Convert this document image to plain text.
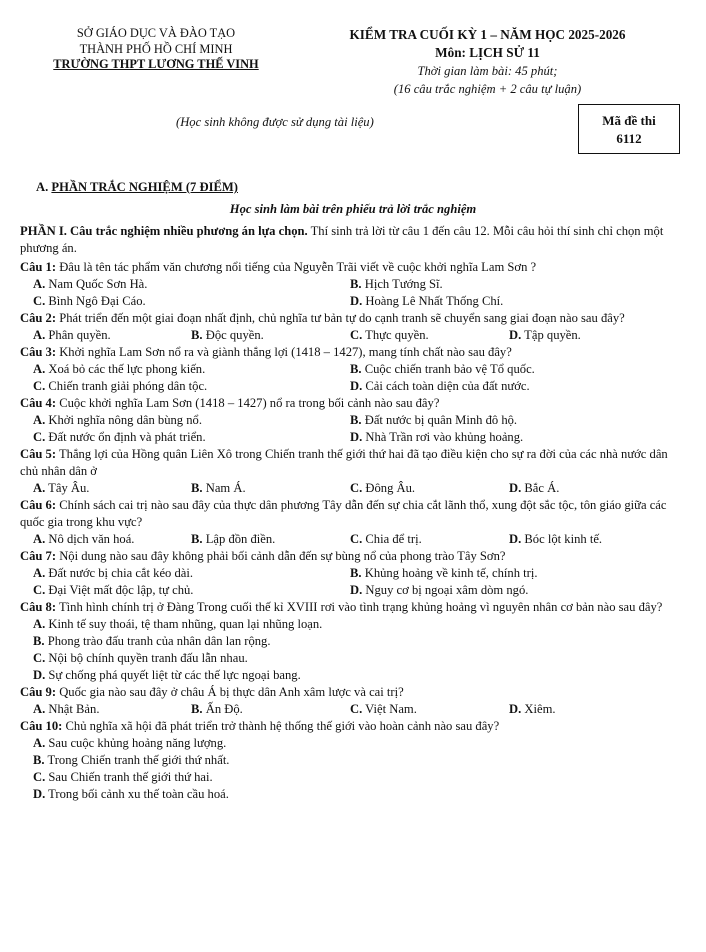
SỞ GIÁO DỤC VÀ ĐÀO TẠO
THÀNH PHỐ HỒ CHÍ MINH
TRƯỜNG THPT LƯƠNG THẾ VINH
KIỂM TRA CUỐI KỲ 1 – NĂM HỌC 2025-2026
Môn: LỊCH SỬ 11
Thời gian làm bài: 45 phút;
(16 câu trắc nghiệm + 2 câu tự luận)
(Học sinh không được sử dụng tài liệu)	Mã đề thi
6112
A. PHẦN TRẮC NGHIỆM (7 ĐIỂM)
Học sinh làm bài trên phiếu trả lời trắc nghiệm

PHẦN I. Câu trắc nghiệm nhiều phương án lựa chọn. Thí sinh trả lời từ câu 1 đến câu 12. Mỗi câu hỏi thí sinh chỉ chọn một phương án.

Câu 1: Đâu là tên tác phẩm văn chương nổi tiếng của Nguyễn Trãi viết về cuộc khởi nghĩa Lam Sơn ?

A. Nam Quốc Sơn Hà.	B. Hịch Tướng Sĩ.
C. Bình Ngô Đại Cáo.	D. Hoàng Lê Nhất Thống Chí.

Câu 2: Phát triển đến một giai đoạn nhất định, chủ nghĩa tư bản tự do cạnh tranh sẽ chuyển sang giai đoạn nào sau đây?

A. Phân quyền.	B. Độc quyền.	C. Thực quyền.	D. Tập quyền.

Câu 3: Khởi nghĩa Lam Sơn nổ ra và giành thắng lợi (1418 – 1427), mang tính chất nào sau đây?

A. Xoá bỏ các thế lực phong kiến.	B. Cuộc chiến tranh bảo vệ Tổ quốc.
C. Chiến tranh giải phóng dân tộc.	D. Cải cách toàn diện của đất nước.

Câu 4: Cuộc khởi nghĩa Lam Sơn (1418 – 1427) nổ ra trong bối cảnh nào sau đây?

A. Khởi nghĩa nông dân bùng nổ.	B. Đất nước bị quân Minh đô hộ.
C. Đất nước ổn định và phát triển.	D. Nhà Trần rơi vào khủng hoảng.

Câu 5: Thắng lợi của Hồng quân Liên Xô trong Chiến tranh thế giới thứ hai đã tạo điều kiện cho sự ra đời của các nhà nước dân chủ nhân dân ở

A. Tây Âu.	B. Nam Á.	C. Đông Âu.	D. Bắc Á.

Câu 6: Chính sách cai trị nào sau đây của thực dân phương Tây dẫn đến sự chia cắt lãnh thổ, xung đột sắc tộc, tôn giáo giữa các quốc gia trong khu vực?

A. Nô dịch văn hoá.	B. Lập đồn điền.	C. Chia để trị.	D. Bóc lột kinh tế.

Câu 7: Nội dung nào sau đây không phải bối cảnh dẫn đến sự bùng nổ của phong trào Tây Sơn?

A. Đất nước bị chia cắt kéo dài.	B. Khủng hoảng về kinh tế, chính trị.
C. Đại Việt mất độc lập, tự chủ.	D. Nguy cơ bị ngoại xâm dòm ngó.

Câu 8: Tình hình chính trị ở Đàng Trong cuối thế kỉ XVIII rơi vào tình trạng khủng hoảng vì nguyên nhân cơ bản nào sau đây?

A. Kinh tế suy thoái, tệ tham nhũng, quan lại nhũng loạn.
B. Phong trào đấu tranh của nhân dân lan rộng.
C. Nội bộ chính quyền tranh đấu lẫn nhau.
D. Sự chống phá quyết liệt từ các thế lực ngoại bang.

Câu 9: Quốc gia nào sau đây ở châu Á bị thực dân Anh xâm lược và cai trị?

A. Nhật Bản.	B. Ấn Độ.	C. Việt Nam.	D. Xiêm.

Câu 10: Chủ nghĩa xã hội đã phát triển trở thành hệ thống thế giới vào hoàn cảnh nào sau đây?

A. Sau cuộc khủng hoảng năng lượng.
B. Trong Chiến tranh thế giới thứ nhất.
C. Sau Chiến tranh thế giới thứ hai.
D. Trong bối cảnh xu thế toàn cầu hoá.
